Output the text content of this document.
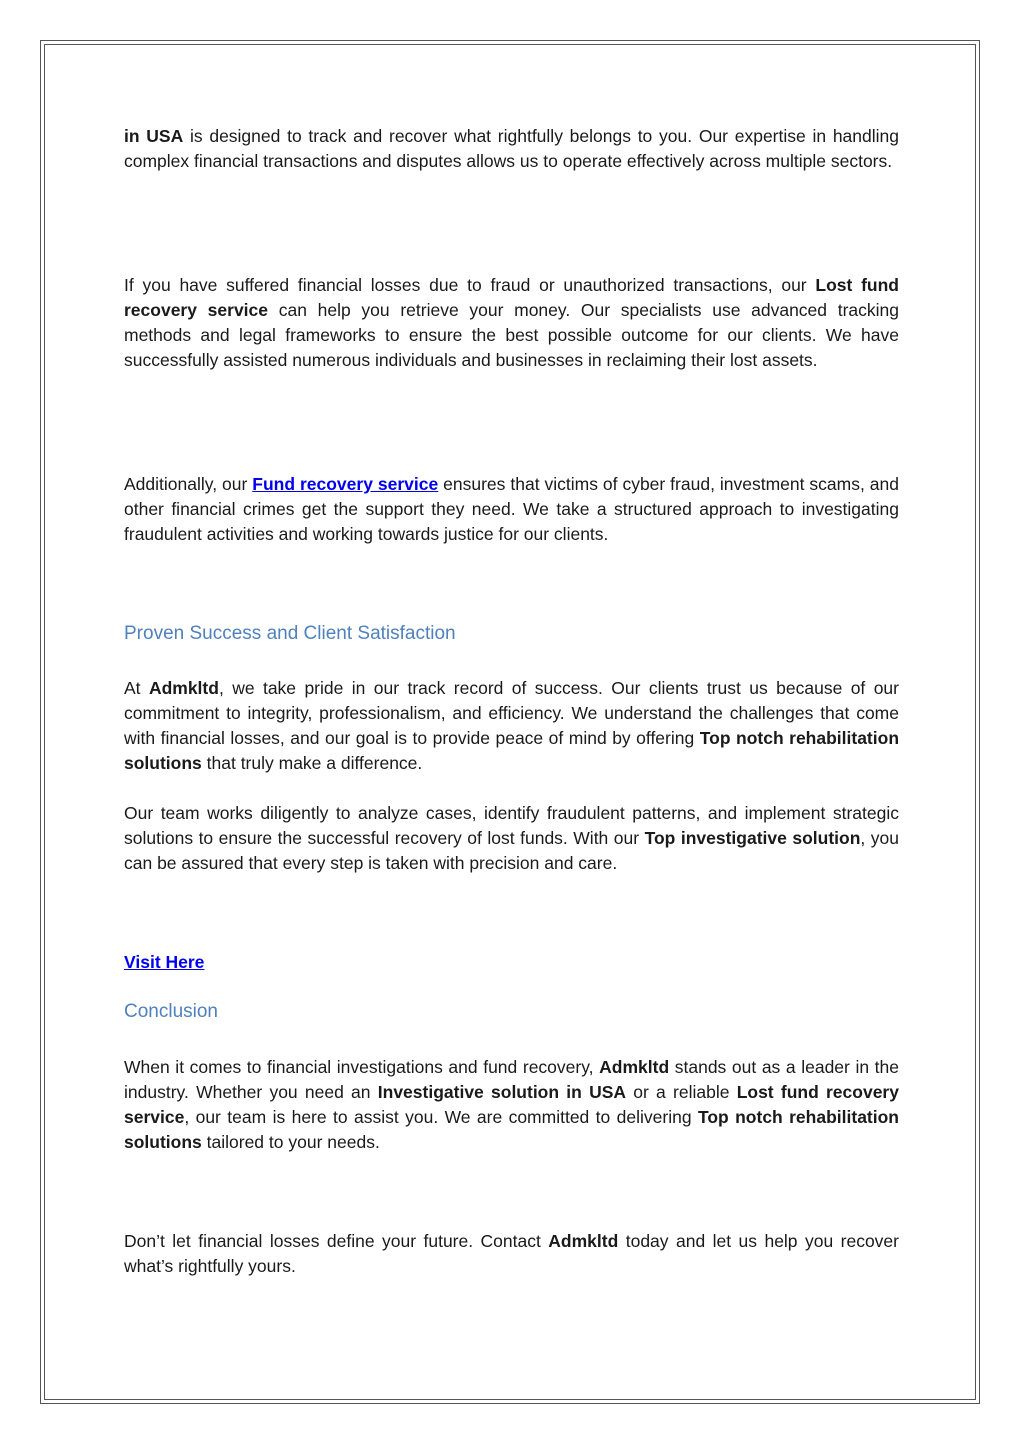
in USA is designed to track and recover what rightfully belongs to you. Our expertise in handling complex financial transactions and disputes allows us to operate effectively across multiple sectors.

If you have suffered financial losses due to fraud or unauthorized transactions, our Lost fund recovery service can help you retrieve your money. Our specialists use advanced tracking methods and legal frameworks to ensure the best possible outcome for our clients. We have successfully assisted numerous individuals and businesses in reclaiming their lost assets.

Additionally, our Fund recovery service ensures that victims of cyber fraud, investment scams, and other financial crimes get the support they need. We take a structured approach to investigating fraudulent activities and working towards justice for our clients.

Proven Success and Client Satisfaction

At Admkltd, we take pride in our track record of success. Our clients trust us because of our commitment to integrity, professionalism, and efficiency. We understand the challenges that come with financial losses, and our goal is to provide peace of mind by offering Top notch rehabilitation solutions that truly make a difference.

Our team works diligently to analyze cases, identify fraudulent patterns, and implement strategic solutions to ensure the successful recovery of lost funds. With our Top investigative solution, you can be assured that every step is taken with precision and care.

Visit Here

Conclusion

When it comes to financial investigations and fund recovery, Admkltd stands out as a leader in the industry. Whether you need an Investigative solution in USA or a reliable Lost fund recovery service, our team is here to assist you. We are committed to delivering Top notch rehabilitation solutions tailored to your needs.

Don’t let financial losses define your future. Contact Admkltd today and let us help you recover what’s rightfully yours.
